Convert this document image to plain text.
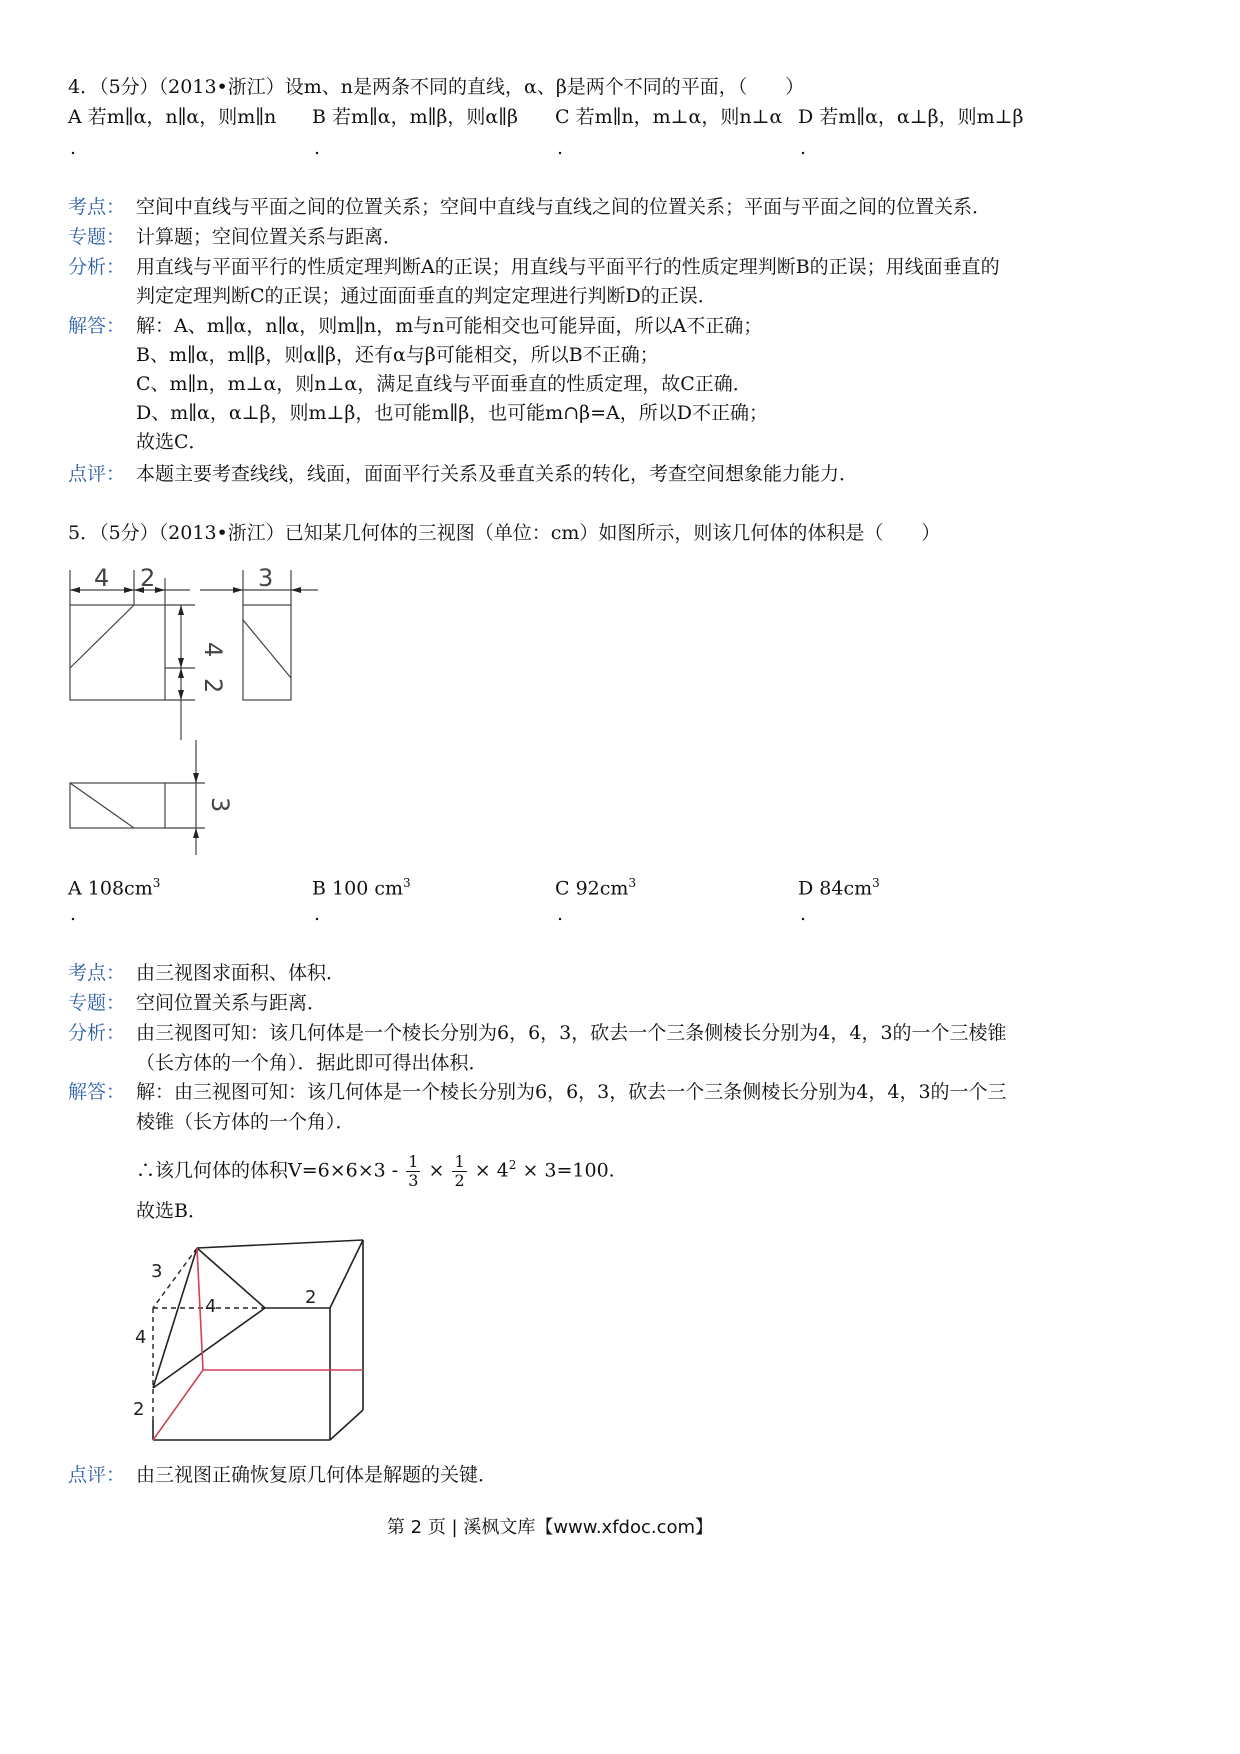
4．（5分）（2013•浙江）设m、n是两条不同的直线，α、β是两个不同的平面，（　　）
A 若m∥α，n∥α，则m∥n B 若m∥α，m∥β，则α∥β C 若m∥n，m⊥α，则n⊥α D 若m∥α，α⊥β，则m⊥β
.	.	.	.
考点： 空间中直线与平面之间的位置关系；空间中直线与直线之间的位置关系；平面与平面之间的位置关系．
专题： 计算题；空间位置关系与距离．
分析： 用直线与平面平行的性质定理判断A的正误；用直线与平面平行的性质定理判断B的正误；用线面垂直的
判定定理判断C的正误；通过面面垂直的判定定理进行判断D的正误．
解答： 解：A、m∥α，n∥α，则m∥n，m与n可能相交也可能异面，所以A不正确；
B、m∥α，m∥β，则α∥β，还有α与β可能相交，所以B不正确；
C、m∥n，m⊥α，则n⊥α，满足直线与平面垂直的性质定理，故C正确．
D、m∥α，α⊥β，则m⊥β，也可能m∥β，也可能m∩β=A，所以D不正确；
故选C．
点评： 本题主要考查线线，线面，面面平行关系及垂直关系的转化，考查空间想象能力能力．
5．（5分）（2013•浙江）已知某几何体的三视图（单位：cm）如图所示，则该几何体的体积是（　　）
4 2	3
4
2
3
A $108cm^3$	B 100 $cm^3$	C $92cm^3$	D $84cm^3$
.	.	.	.
考点： 由三视图求面积、体积．
专题： 空间位置关系与距离．
分析： 由三视图可知：该几何体是一个棱长分别为6，6，3，砍去一个三条侧棱长分别为4，4，3的一个三棱锥
（长方体的一个角）．据此即可得出体积．
解答： 解：由三视图可知：该几何体是一个棱长分别为6，6，3，砍去一个三条侧棱长分别为4，4，3的一个三
棱锥（长方体的一个角）．
∴该几何体的体积$V=6\times 6\times 3 - \frac{1}{3} \times \frac{1}{2} \times 4^2 \times 3=100$.
故选B．
3
4
4
2
2
点评： 由三视图正确恢复原几何体是解题的关键．
第 2 页 | 溪枫文库【www.xfdoc.com】
